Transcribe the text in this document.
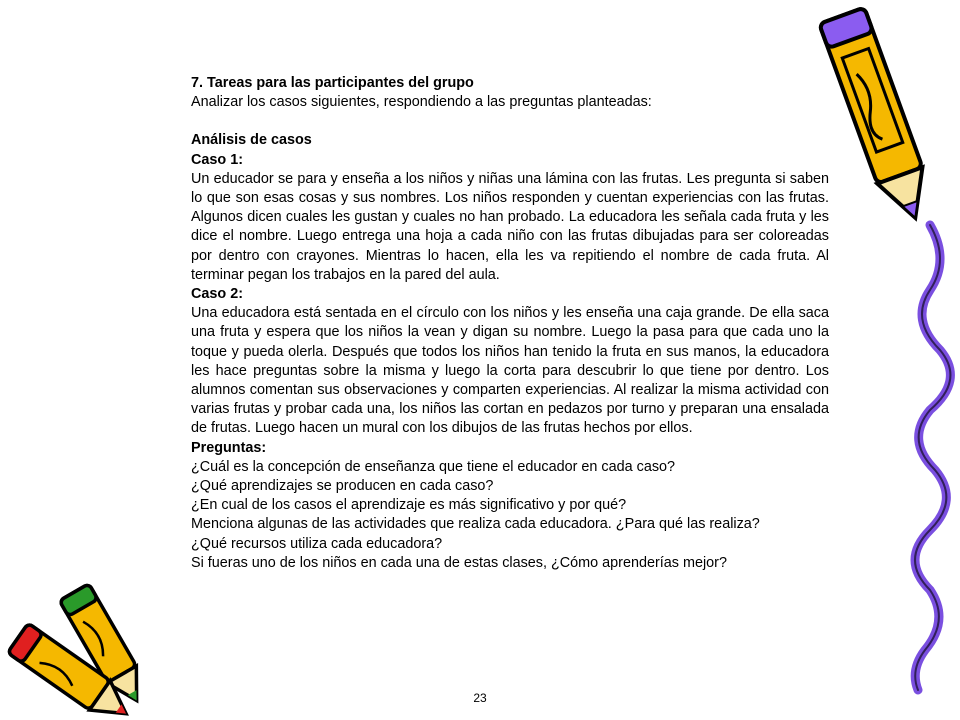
7. Tareas para las participantes del grupo

Analizar los casos siguientes, respondiendo a las preguntas planteadas:

Análisis de casos

Caso 1:

Un educador se para y enseña a los niños y niñas una lámina con las frutas. Les pregunta si saben lo que son esas cosas y sus nombres. Los niños responden y cuentan experiencias con las frutas. Algunos dicen cuales les gustan y cuales no han probado. La educadora les señala cada fruta y les dice el nombre. Luego entrega una hoja a cada niño con las frutas dibujadas para ser coloreadas por dentro con crayones. Mientras lo hacen, ella les va repitiendo el nombre de cada fruta. Al terminar pegan los trabajos en la pared del aula.

Caso 2:

Una educadora está sentada en el círculo con los niños y les enseña una caja grande. De ella saca una fruta y espera que los niños la vean y digan su nombre. Luego la pasa para que cada uno la toque y pueda olerla. Después que todos los niños han tenido la fruta en sus manos, la educadora les hace preguntas sobre la misma y luego la corta para descubrir lo que tiene por dentro. Los alumnos comentan sus observaciones y comparten experiencias. Al realizar la misma actividad con varias frutas y probar cada una, los niños las cortan en pedazos por turno y preparan una ensalada de frutas. Luego hacen un mural con los dibujos de las frutas hechos por ellos.

Preguntas:

¿Cuál es la concepción de enseñanza que tiene el educador en cada caso?

¿Qué aprendizajes se producen en cada caso?

¿En cual de los casos el aprendizaje es más significativo y por qué?

Menciona algunas de las actividades que realiza cada educadora. ¿Para qué las realiza?

¿Qué recursos utiliza cada educadora?

Si fueras uno de los niños en cada una de estas clases, ¿Cómo aprenderías mejor?

23
